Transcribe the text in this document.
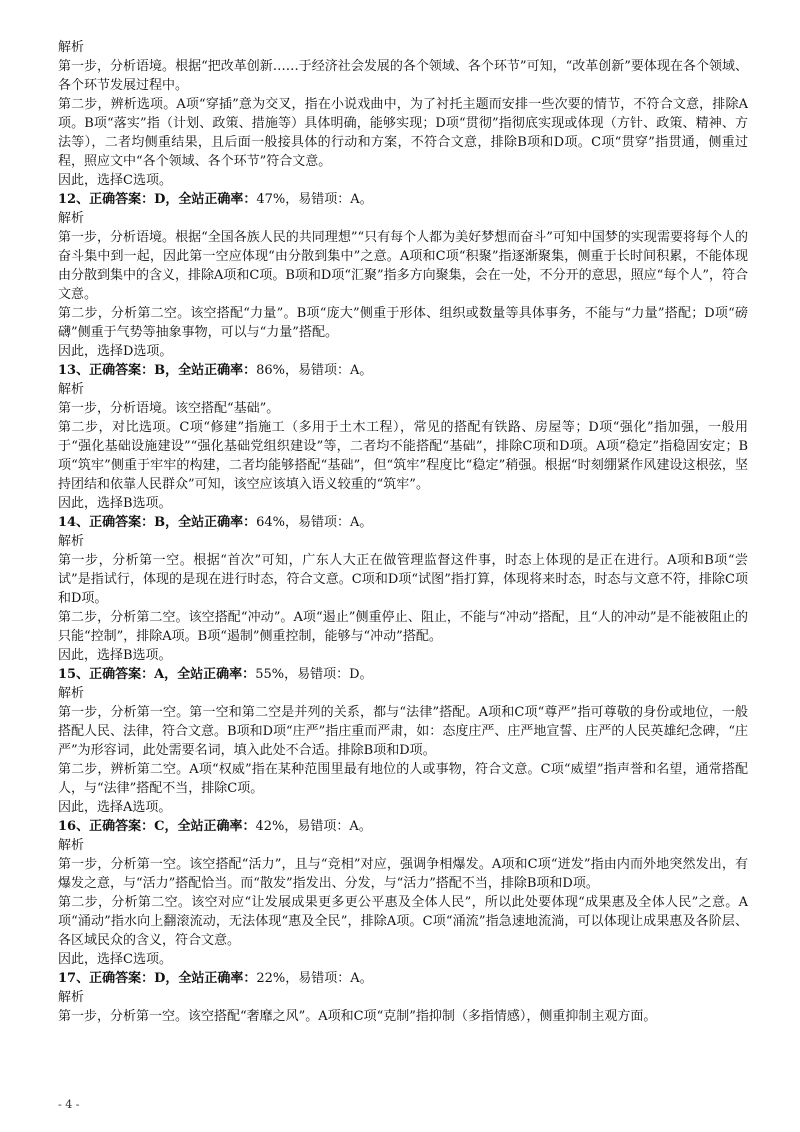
解析

第一步，分析语境。根据“把改革创新……于经济社会发展的各个领域、各个环节”可知，“改革创新”要体现在各个领域、各个环节发展过程中。

第二步，辨析选项。A项“穿插”意为交叉，指在小说戏曲中，为了衬托主题而安排一些次要的情节，不符合文意，排除A项。B项“落实”指（计划、政策、措施等）具体明确，能够实现；D项“贯彻”指彻底实现或体现（方针、政策、精神、方法等），二者均侧重结果，且后面一般接具体的行动和方案，不符合文意，排除B项和D项。C项“贯穿”指贯通，侧重过程，照应文中“各个领域、各个环节”符合文意。

因此，选择C选项。

12、正确答案：D，全站正确率：47%，易错项：A。

解析

第一步，分析语境。根据“全国各族人民的共同理想”“只有每个人都为美好梦想而奋斗”可知中国梦的实现需要将每个人的奋斗集中到一起，因此第一空应体现“由分散到集中”之意。A项和C项“积聚”指逐渐聚集，侧重于长时间积累，不能体现由分散到集中的含义，排除A项和C项。B项和D项“汇聚”指多方向聚集，会在一处，不分开的意思，照应“每个人”，符合文意。

第二步，分析第二空。该空搭配“力量”。B项“庞大”侧重于形体、组织或数量等具体事务，不能与“力量”搭配；D项“磅礴”侧重于气势等抽象事物，可以与“力量”搭配。

因此，选择D选项。

13、正确答案：B，全站正确率：86%，易错项：A。

解析

第一步，分析语境。该空搭配“基础”。

第二步，对比选项。C项“修建”指施工（多用于土木工程），常见的搭配有铁路、房屋等；D项“强化”指加强，一般用于“强化基础设施建设”“强化基础党组织建设”等，二者均不能搭配“基础”，排除C项和D项。A项“稳定”指稳固安定；B项“筑牢”侧重于牢牢的构建，二者均能够搭配“基础”，但“筑牢”程度比“稳定”稍强。根据“时刻绷紧作风建设这根弦，坚持团结和依靠人民群众”可知，该空应该填入语义较重的“筑牢”。

因此，选择B选项。

14、正确答案：B，全站正确率：64%，易错项：A。

解析

第一步，分析第一空。根据“首次”可知，广东人大正在做管理监督这件事，时态上体现的是正在进行。A项和B项“尝试”是指试行，体现的是现在进行时态，符合文意。C项和D项“试图”指打算，体现将来时态，时态与文意不符，排除C项和D项。

第二步，分析第二空。该空搭配“冲动”。A项“遏止”侧重停止、阻止，不能与“冲动”搭配，且“人的冲动”是不能被阻止的只能“控制”，排除A项。B项“遏制”侧重控制，能够与“冲动”搭配。

因此，选择B选项。

15、正确答案：A，全站正确率：55%，易错项：D。

解析

第一步，分析第一空。第一空和第二空是并列的关系，都与“法律”搭配。A项和C项“尊严”指可尊敬的身份或地位，一般搭配人民、法律，符合文意。B项和D项“庄严”指庄重而严肃，如：态度庄严、庄严地宣誓、庄严的人民英雄纪念碑，“庄严”为形容词，此处需要名词，填入此处不合适。排除B项和D项。

第二步，辨析第二空。A项“权威”指在某种范围里最有地位的人或事物，符合文意。C项“威望”指声誉和名望，通常搭配人，与“法律”搭配不当，排除C项。

因此，选择A选项。

16、正确答案：C，全站正确率：42%，易错项：A。

解析

第一步，分析第一空。该空搭配“活力”，且与“竞相”对应，强调争相爆发。A项和C项“迸发”指由内而外地突然发出，有爆发之意，与“活力”搭配恰当。而“散发”指发出、分发，与“活力”搭配不当，排除B项和D项。

第二步，分析第二空。该空对应“让发展成果更多更公平惠及全体人民”，所以此处要体现“成果惠及全体人民”之意。A项“涌动”指水向上翻滚流动，无法体现“惠及全民”，排除A项。C项“涌流”指急速地流淌，可以体现让成果惠及各阶层、各区域民众的含义，符合文意。

因此，选择C选项。

17、正确答案：D，全站正确率：22%，易错项：A。

解析

第一步，分析第一空。该空搭配“奢靡之风”。A项和C项“克制”指抑制（多指情感），侧重抑制主观方面。

- 4 -
